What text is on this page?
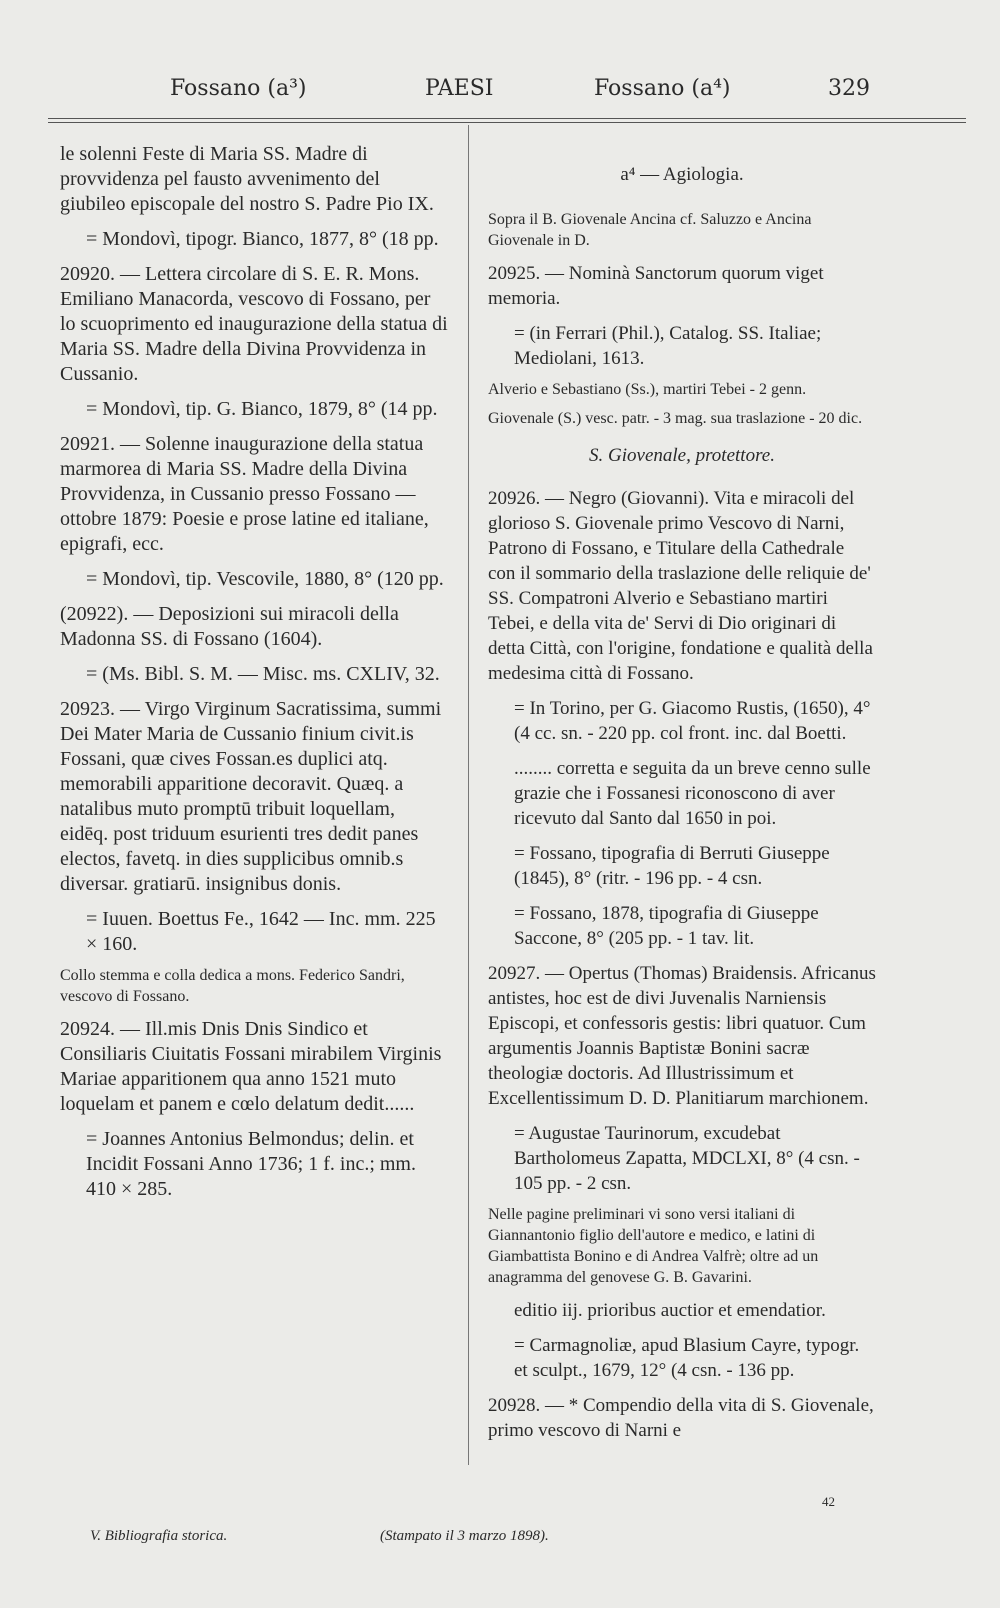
Fossano (a³)	PAESI	Fossano (a⁴)	329

le solenni Feste di Maria SS. Madre di provvidenza pel fausto avvenimento del giubileo episcopale del nostro S. Padre Pio IX.

= Mondovì, tipogr. Bianco, 1877, 8° (18 pp.

20920. — Lettera circolare di S. E. R. Mons. Emiliano Manacorda, vescovo di Fossano, per lo scuoprimento ed inaugurazione della statua di Maria SS. Madre della Divina Provvidenza in Cussanio.

= Mondovì, tip. G. Bianco, 1879, 8° (14 pp.

20921. — Solenne inaugurazione della statua marmorea di Maria SS. Madre della Divina Provvidenza, in Cussanio presso Fossano — ottobre 1879: Poesie e prose latine ed italiane, epigrafi, ecc.

= Mondovì, tip. Vescovile, 1880, 8° (120 pp.

(20922). — Deposizioni sui miracoli della Madonna SS. di Fossano (1604).

= (Ms. Bibl. S. M. — Misc. ms. CXLIV, 32.

20923. — Virgo Virginum Sacratissima, summi Dei Mater Maria de Cussanio finium civit.is Fossani, quæ cives Fossan.es duplici atq. memorabili apparitione decoravit. Quæq. a natalibus muto promptū tribuit loquellam, eidēq. post triduum esurienti tres dedit panes electos, favetq. in dies supplicibus omnib.s diversar. gratiarū. insignibus donis.

= Iuuen. Boettus Fe., 1642 — Inc. mm. 225 × 160.

Collo stemma e colla dedica a mons. Federico Sandri, vescovo di Fossano.

20924. — Ill.mis Dnis Dnis Sindico et Consiliaris Ciuitatis Fossani mirabilem Virginis Mariae apparitionem qua anno 1521 muto loquelam et panem e cœlo delatum dedit......

= Joannes Antonius Belmondus; delin. et Incidit Fossani Anno 1736; 1 f. inc.; mm. 410 × 285.

a⁴ — Agiologia.

Sopra il B. Giovenale Ancina cf. Saluzzo e Ancina Giovenale in D.

20925. — Nominà Sanctorum quorum viget memoria.

= (in Ferrari (Phil.), Catalog. SS. Italiae; Mediolani, 1613.

Alverio e Sebastiano (Ss.), martiri Tebei - 2 genn.

Giovenale (S.) vesc. patr. - 3 mag. sua traslazione - 20 dic.

S. Giovenale, protettore.

20926. — Negro (Giovanni). Vita e miracoli del glorioso S. Giovenale primo Vescovo di Narni, Patrono di Fossano, e Titulare della Cathedrale con il sommario della traslazione delle reliquie de' SS. Compatroni Alverio e Sebastiano martiri Tebei, e della vita de' Servi di Dio originari di detta Città, con l'origine, fondatione e qualità della medesima città di Fossano.

= In Torino, per G. Giacomo Rustis, (1650), 4° (4 cc. sn. - 220 pp. col front. inc. dal Boetti.

........ corretta e seguita da un breve cenno sulle grazie che i Fossanesi riconoscono di aver ricevuto dal Santo dal 1650 in poi.

= Fossano, tipografia di Berruti Giuseppe (1845), 8° (ritr. - 196 pp. - 4 csn.

= Fossano, 1878, tipografia di Giuseppe Saccone, 8° (205 pp. - 1 tav. lit.

20927. — Opertus (Thomas) Braidensis. Africanus antistes, hoc est de divi Juvenalis Narniensis Episcopi, et confessoris gestis: libri quatuor. Cum argumentis Joannis Baptistæ Bonini sacræ theologiæ doctoris. Ad Illustrissimum et Excellentissimum D. D. Planitiarum marchionem.

= Augustae Taurinorum, excudebat Bartholomeus Zapatta, MDCLXI, 8° (4 csn. - 105 pp. - 2 csn.

Nelle pagine preliminari vi sono versi italiani di Giannantonio figlio dell'autore e medico, e latini di Giambattista Bonino e di Andrea Valfrè; oltre ad un anagramma del genovese G. B. Gavarini.

editio iij. prioribus auctior et emendatior.

= Carmagnoliæ, apud Blasium Cayre, typogr. et sculpt., 1679, 12° (4 csn. - 136 pp.

20928. — * Compendio della vita di S. Giovenale, primo vescovo di Narni e

42
V. Bibliografia storica.	(Stampato il 3 marzo 1898).
